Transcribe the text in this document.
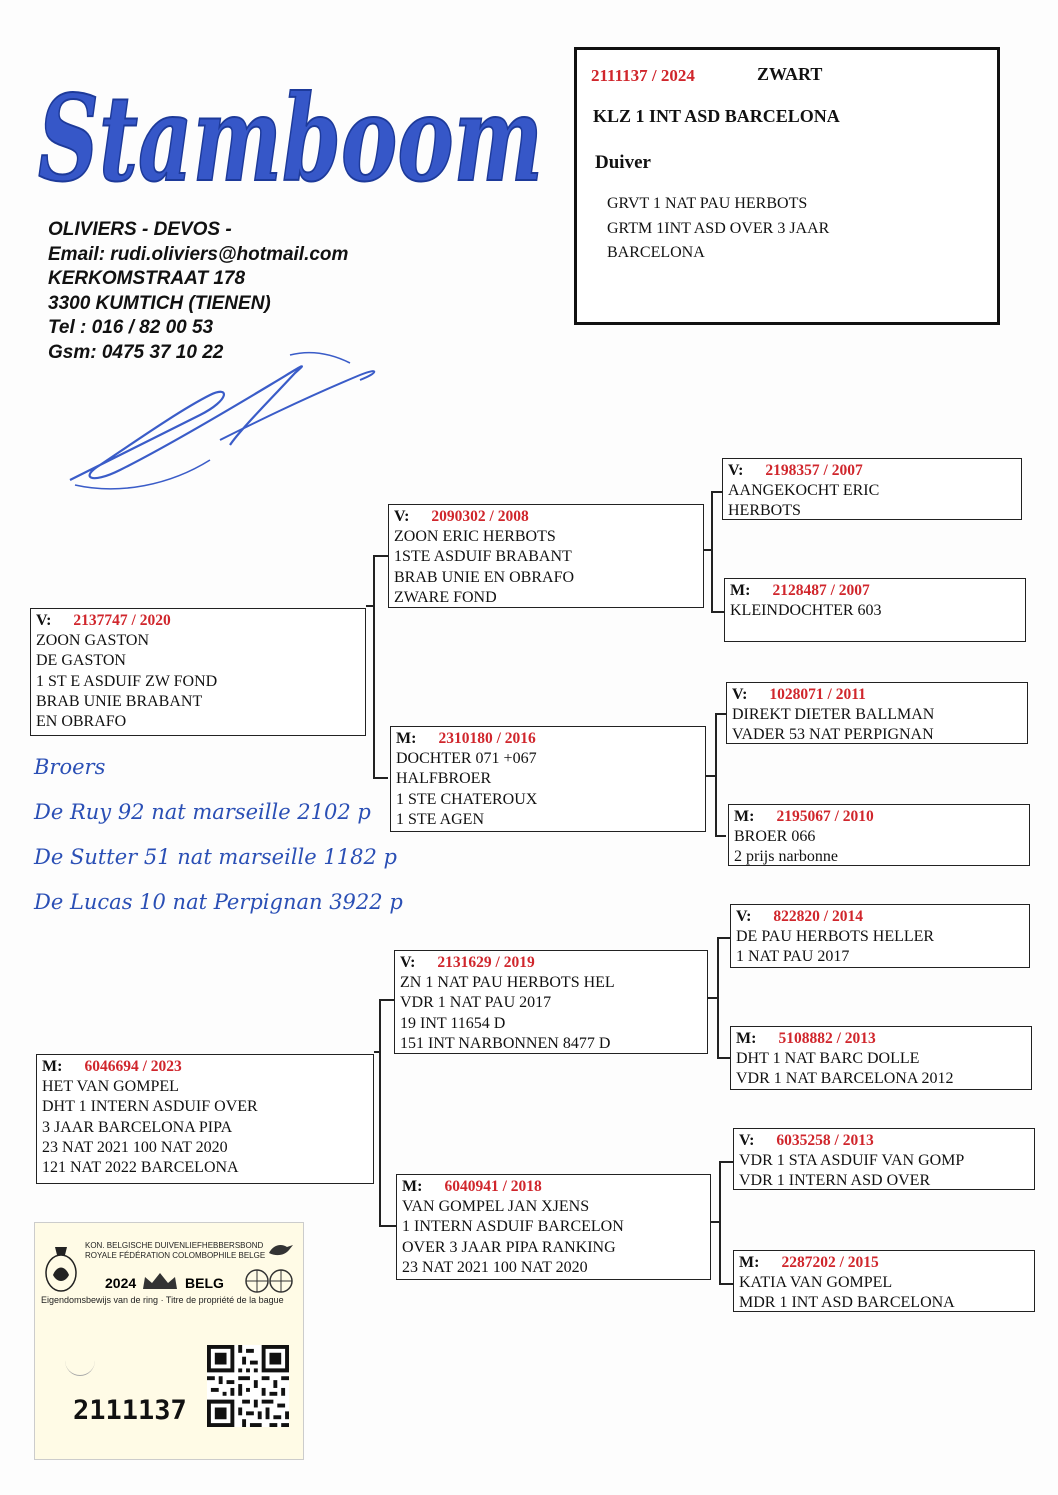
Stamboom
OLIVIERS - DEVOS -
Email: rudi.oliviers@hotmail.com
KERKOMSTRAAT 178
3300 KUMTICH (TIENEN)
Tel : 016 / 82 00 53
Gsm: 0475 37 10 22
2111137 / 2024	ZWART
KLZ 1 INT ASD BARCELONA
Duiver
GRVT 1 NAT PAU HERBOTS
GRTM 1INT ASD OVER 3 JAAR
BARCELONA
V: 2137747 / 2020
ZOON GASTON
DE GASTON
1 ST E ASDUIF ZW FOND
BRAB UNIE BRABANT
EN OBRAFO
M: 6046694 / 2023
HET VAN GOMPEL
DHT 1 INTERN ASDUIF OVER
3 JAAR BARCELONA PIPA
23 NAT 2021 100 NAT 2020
121 NAT 2022 BARCELONA
V: 2090302 / 2008
ZOON ERIC HERBOTS
1STE ASDUIF BRABANT
BRAB UNIE EN OBRAFO
ZWARE FOND
M: 2310180 / 2016
DOCHTER 071 +067
HALFBROER
1 STE CHATEROUX
1 STE AGEN
V: 2131629 / 2019
ZN 1 NAT PAU HERBOTS HEL
VDR 1 NAT PAU 2017
19 INT 11654 D
151 INT NARBONNEN 8477 D
M: 6040941 / 2018
VAN GOMPEL JAN XJENS
1 INTERN ASDUIF BARCELON
OVER 3 JAAR PIPA RANKING
23 NAT 2021 100 NAT 2020
V: 2198357 / 2007
AANGEKOCHT ERIC
HERBOTS
M: 2128487 / 2007
KLEINDOCHTER 603
V: 1028071 / 2011
DIREKT DIETER BALLMAN
VADER 53 NAT PERPIGNAN
M: 2195067 / 2010
BROER 066
2 prijs narbonne
V: 822820 / 2014
DE PAU HERBOTS HELLER
1 NAT PAU 2017
M: 5108882 / 2013
DHT 1 NAT BARC DOLLE
VDR 1 NAT BARCELONA 2012
V: 6035258 / 2013
VDR 1 STA ASDUIF VAN GOMP
VDR 1 INTERN ASD OVER
M: 2287202 / 2015
KATIA VAN GOMPEL
MDR 1 INT ASD BARCELONA
Broers
De Ruy 92 nat marseille 2102 p
De Sutter 51 nat marseille 1182 p
De Lucas 10 nat Perpignan 3922 p
KON. BELGISCHE DUIVENLIEFHEBBERSBOND
ROYALE FÉDÉRATION COLOMBOPHILE BELGE
2024	BELG
Eigendomsbewijs van de ring · Titre de propriété de la bague
2111137
